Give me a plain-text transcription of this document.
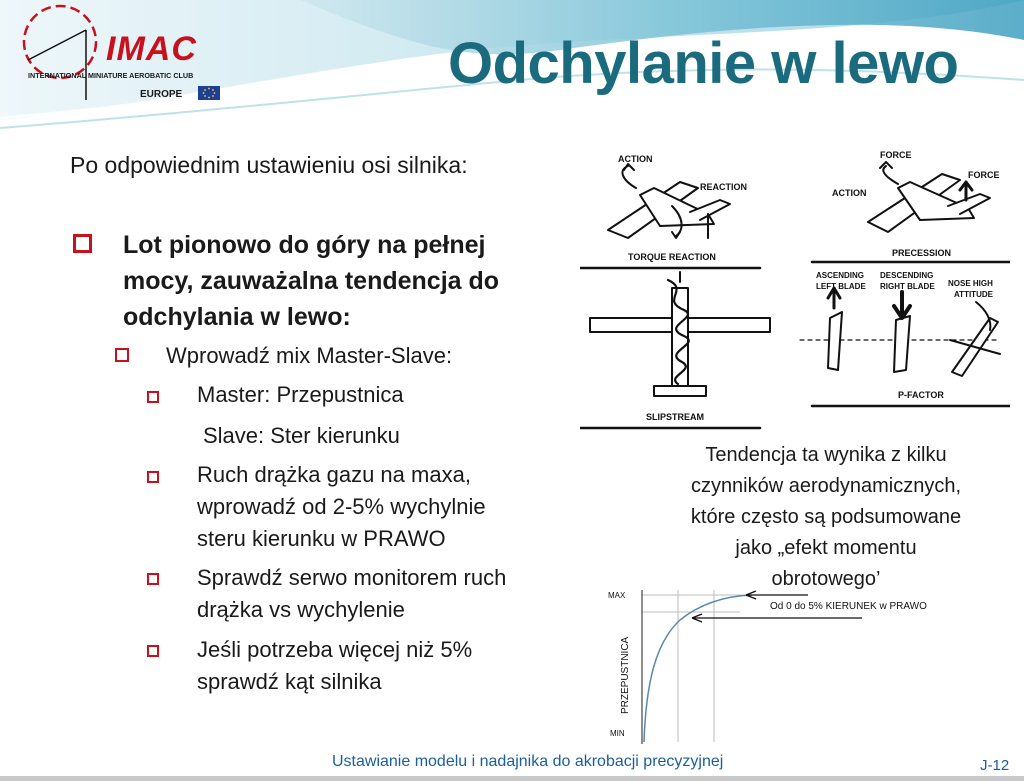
IMAC
INTERNATIONAL MINIATURE AEROBATIC CLUB
EUROPE	Odchylanie w lewo
Po odpowiednim ustawieniu osi silnika:
Lot pionowo do góry na pełnej
mocy, zauważalna tendencja do
odchylania w lewo:
Wprowadź mix Master-Slave:
Master: Przepustnica
Slave: Ster kierunku
Ruch drążka gazu na maxa,
wprowadź od 2-5% wychylnie
steru kierunku w PRAWO
Sprawdź serwo monitorem ruch
drążka vs wychylenie
Jeśli potrzeba więcej niż 5%
sprawdź kąt silnika
ACTION
REACTION
TORQUE REACTION
FORCE
FORCE
ACTION
PRECESSION
ASCENDING
LEFT BLADE
DESCENDING
RIGHT BLADE NOSE HIGH
ATTITUDE
SLIPSTREAM
P-FACTOR
Tendencja ta wynika z kilku
czynników aerodynamicznych,
które często są podsumowane
jako „efekt momentu
obrotowego’
MAX
MIN
PRZEPUSTNICA
Od 0 do 5% KIERUNEK w PRAWO
Ustawianie modelu i nadajnika do akrobacji precyzyjnej	J-12
